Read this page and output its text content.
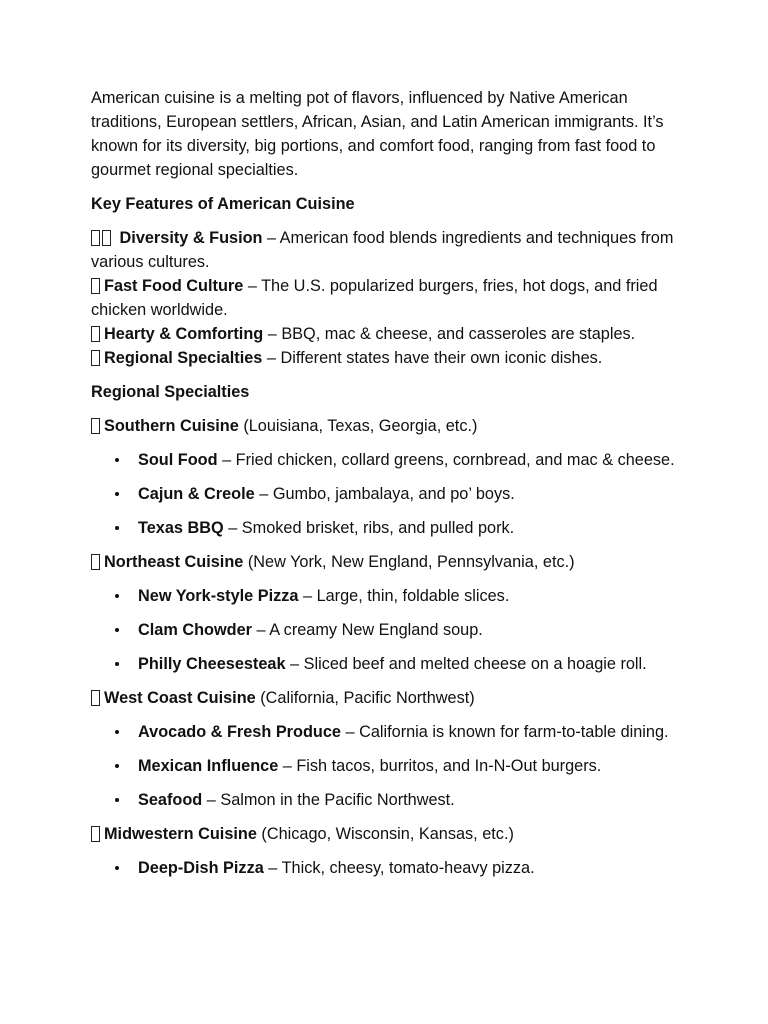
American cuisine is a melting pot of flavors, influenced by Native American traditions, European settlers, African, Asian, and Latin American immigrants. It’s known for its diversity, big portions, and comfort food, ranging from fast food to gourmet regional specialties.

Key Features of American Cuisine

Diversity & Fusion – American food blends ingredients and techniques from various cultures.

Fast Food Culture – The U.S. popularized burgers, fries, hot dogs, and fried chicken worldwide.

Hearty & Comforting – BBQ, mac & cheese, and casseroles are staples.

Regional Specialties – Different states have their own iconic dishes.

Regional Specialties

Southern Cuisine (Louisiana, Texas, Georgia, etc.)

Soul Food – Fried chicken, collard greens, cornbread, and mac & cheese.
Cajun & Creole – Gumbo, jambalaya, and po’ boys.
Texas BBQ – Smoked brisket, ribs, and pulled pork.

Northeast Cuisine (New York, New England, Pennsylvania, etc.)

New York-style Pizza – Large, thin, foldable slices.
Clam Chowder – A creamy New England soup.
Philly Cheesesteak – Sliced beef and melted cheese on a hoagie roll.

West Coast Cuisine (California, Pacific Northwest)

Avocado & Fresh Produce – California is known for farm-to-table dining.
Mexican Influence – Fish tacos, burritos, and In-N-Out burgers.
Seafood – Salmon in the Pacific Northwest.

Midwestern Cuisine (Chicago, Wisconsin, Kansas, etc.)

Deep-Dish Pizza – Thick, cheesy, tomato-heavy pizza.
